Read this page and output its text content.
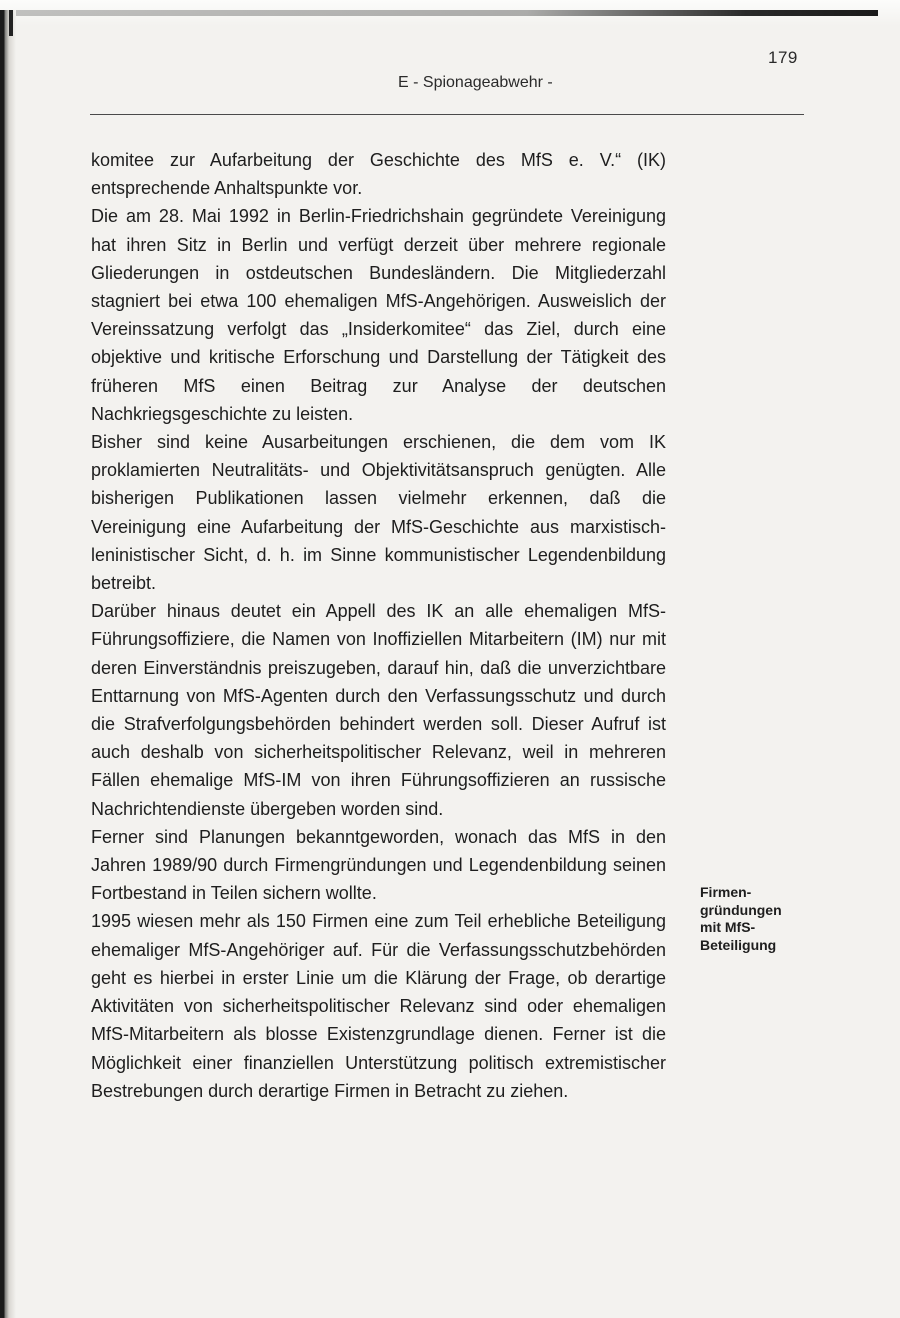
179
E - Spionageabwehr -

komitee zur Aufarbeitung der Geschichte des MfS e. V.“ (IK) entsprechende Anhaltspunkte vor.

Die am 28. Mai 1992 in Berlin-Friedrichshain gegründete Vereinigung hat ihren Sitz in Berlin und verfügt derzeit über mehrere regionale Gliederungen in ostdeutschen Bundesländern. Die Mitgliederzahl stagniert bei etwa 100 ehemaligen MfS-Angehörigen. Ausweislich der Vereinssatzung verfolgt das „Insiderkomitee“ das Ziel, durch eine objektive und kritische Erforschung und Darstellung der Tätigkeit des früheren MfS einen Beitrag zur Analyse der deutschen Nachkriegsgeschichte zu leisten.

Bisher sind keine Ausarbeitungen erschienen, die dem vom IK proklamierten Neutralitäts- und Objektivitätsanspruch genügten. Alle bisherigen Publikationen lassen vielmehr erkennen, daß die Vereinigung eine Aufarbeitung der MfS-Geschichte aus marxistisch-leninistischer Sicht, d. h. im Sinne kommunistischer Legendenbildung betreibt.

Darüber hinaus deutet ein Appell des IK an alle ehemaligen MfS-Führungsoffiziere, die Namen von Inoffiziellen Mitarbeitern (IM) nur mit deren Einverständnis preiszugeben, darauf hin, daß die unverzichtbare Enttarnung von MfS-Agenten durch den Verfassungsschutz und durch die Strafverfolgungsbehörden behindert werden soll. Dieser Aufruf ist auch deshalb von sicherheitspolitischer Relevanz, weil in mehreren Fällen ehemalige MfS-IM von ihren Führungsoffizieren an russische Nachrichtendienste übergeben worden sind.

Ferner sind Planungen bekanntgeworden, wonach das MfS in den Jahren 1989/90 durch Firmengründungen und Legendenbildung seinen Fortbestand in Teilen sichern wollte.

1995 wiesen mehr als 150 Firmen eine zum Teil erhebliche Beteiligung ehemaliger MfS-Angehöriger auf. Für die Verfassungsschutzbehörden geht es hierbei in erster Linie um die Klärung der Frage, ob derartige Aktivitäten von sicherheitspolitischer Relevanz sind oder ehemaligen MfS-Mitarbeitern als blosse Existenzgrundlage dienen. Ferner ist die Möglichkeit einer finanziellen Unterstützung politisch extremistischer Bestrebungen durch derartige Firmen in Betracht zu ziehen.

Firmen-
gründungen
mit MfS-
Beteiligung
